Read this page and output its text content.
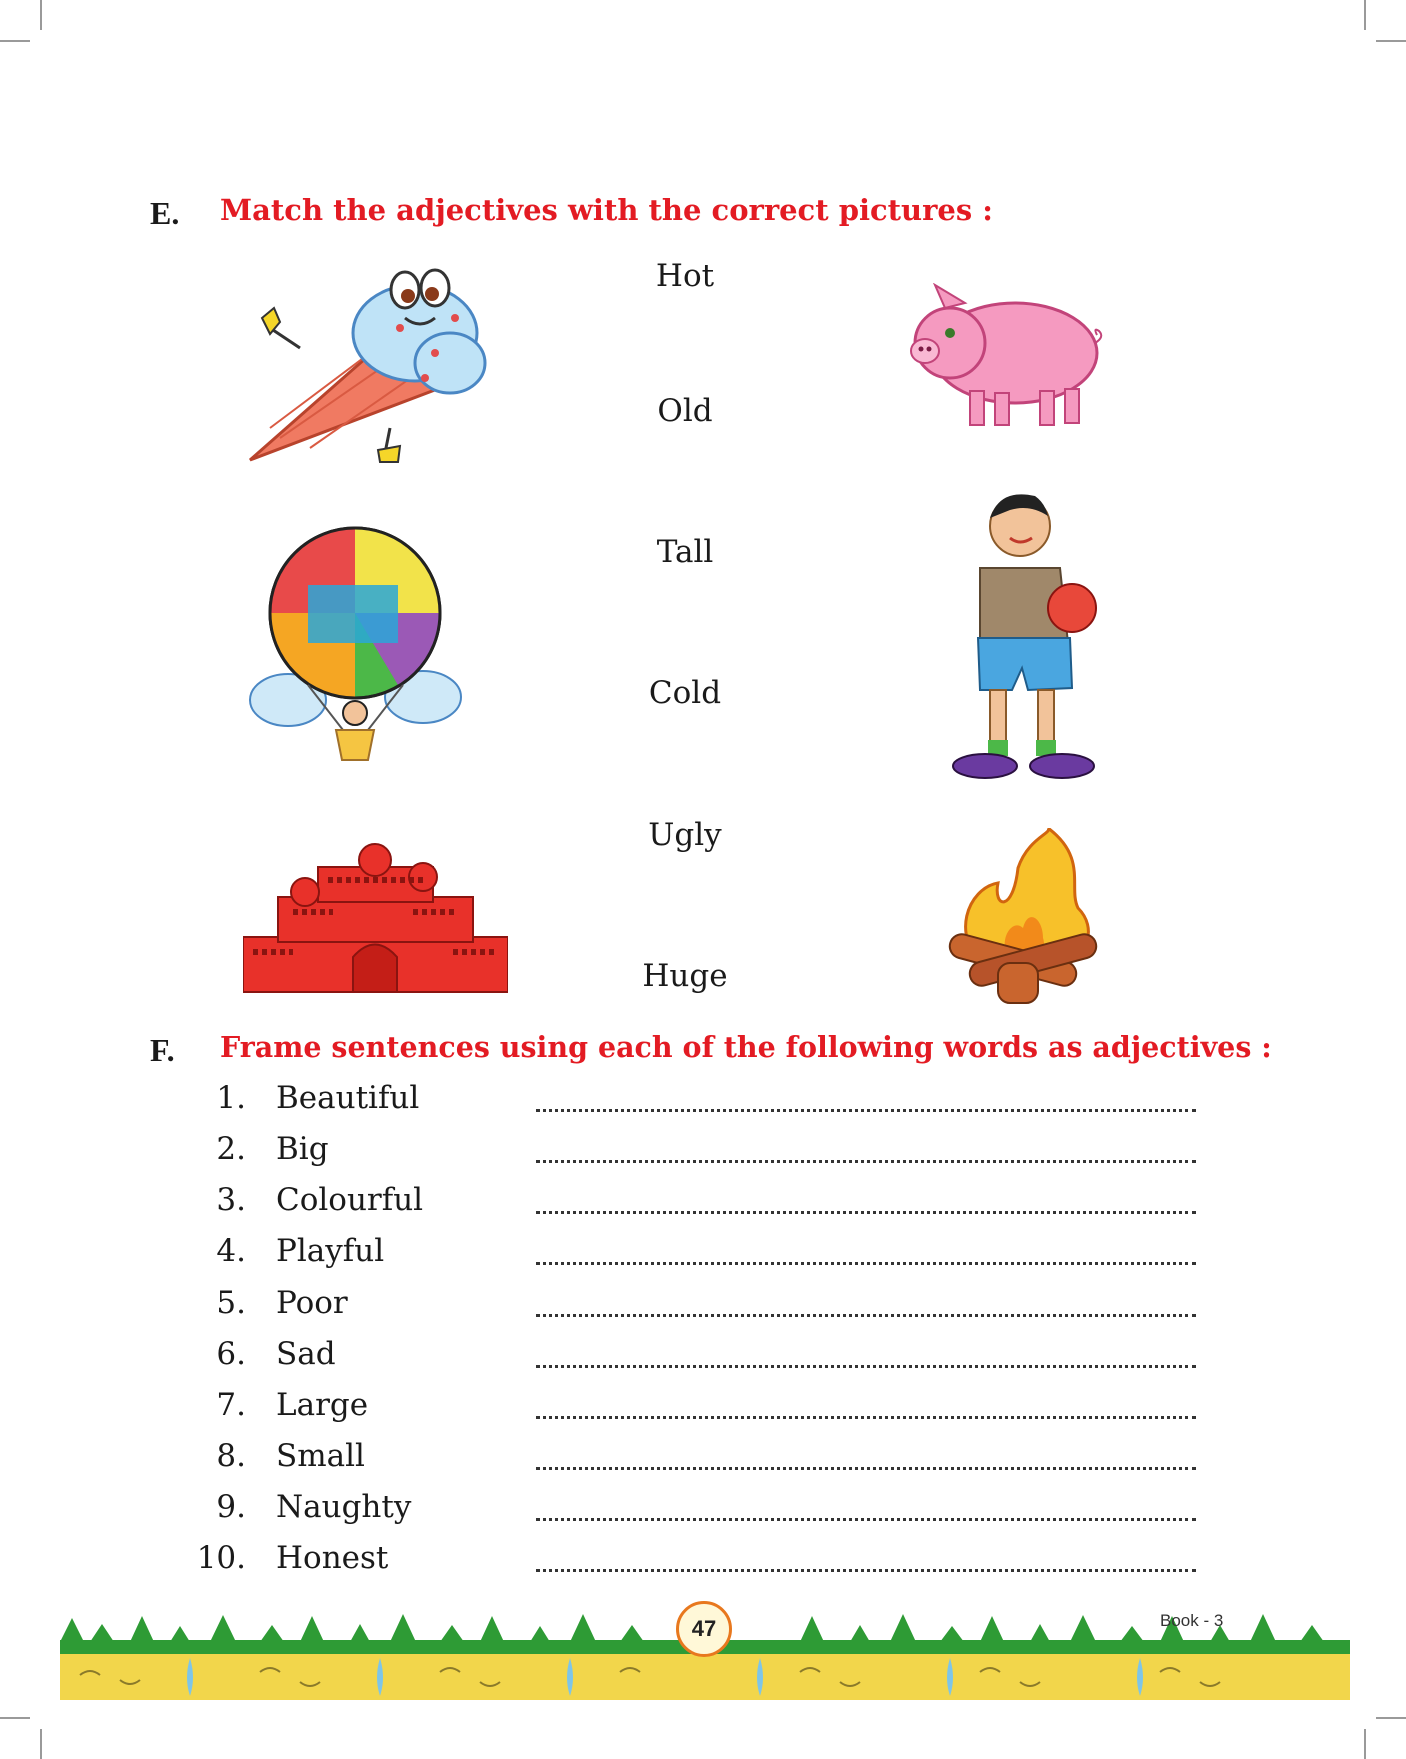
E. Match the adjectives with the correct pictures :
Hot
Old
Tall
Cold
Ugly
Huge
F. Frame sentences using each of the following words as adjectives :
1. Beautiful
2. Big
3. Colourful
4. Playful
5. Poor
6. Sad
7. Large
8. Small
9. Naughty
10. Honest
47	Book - 3
